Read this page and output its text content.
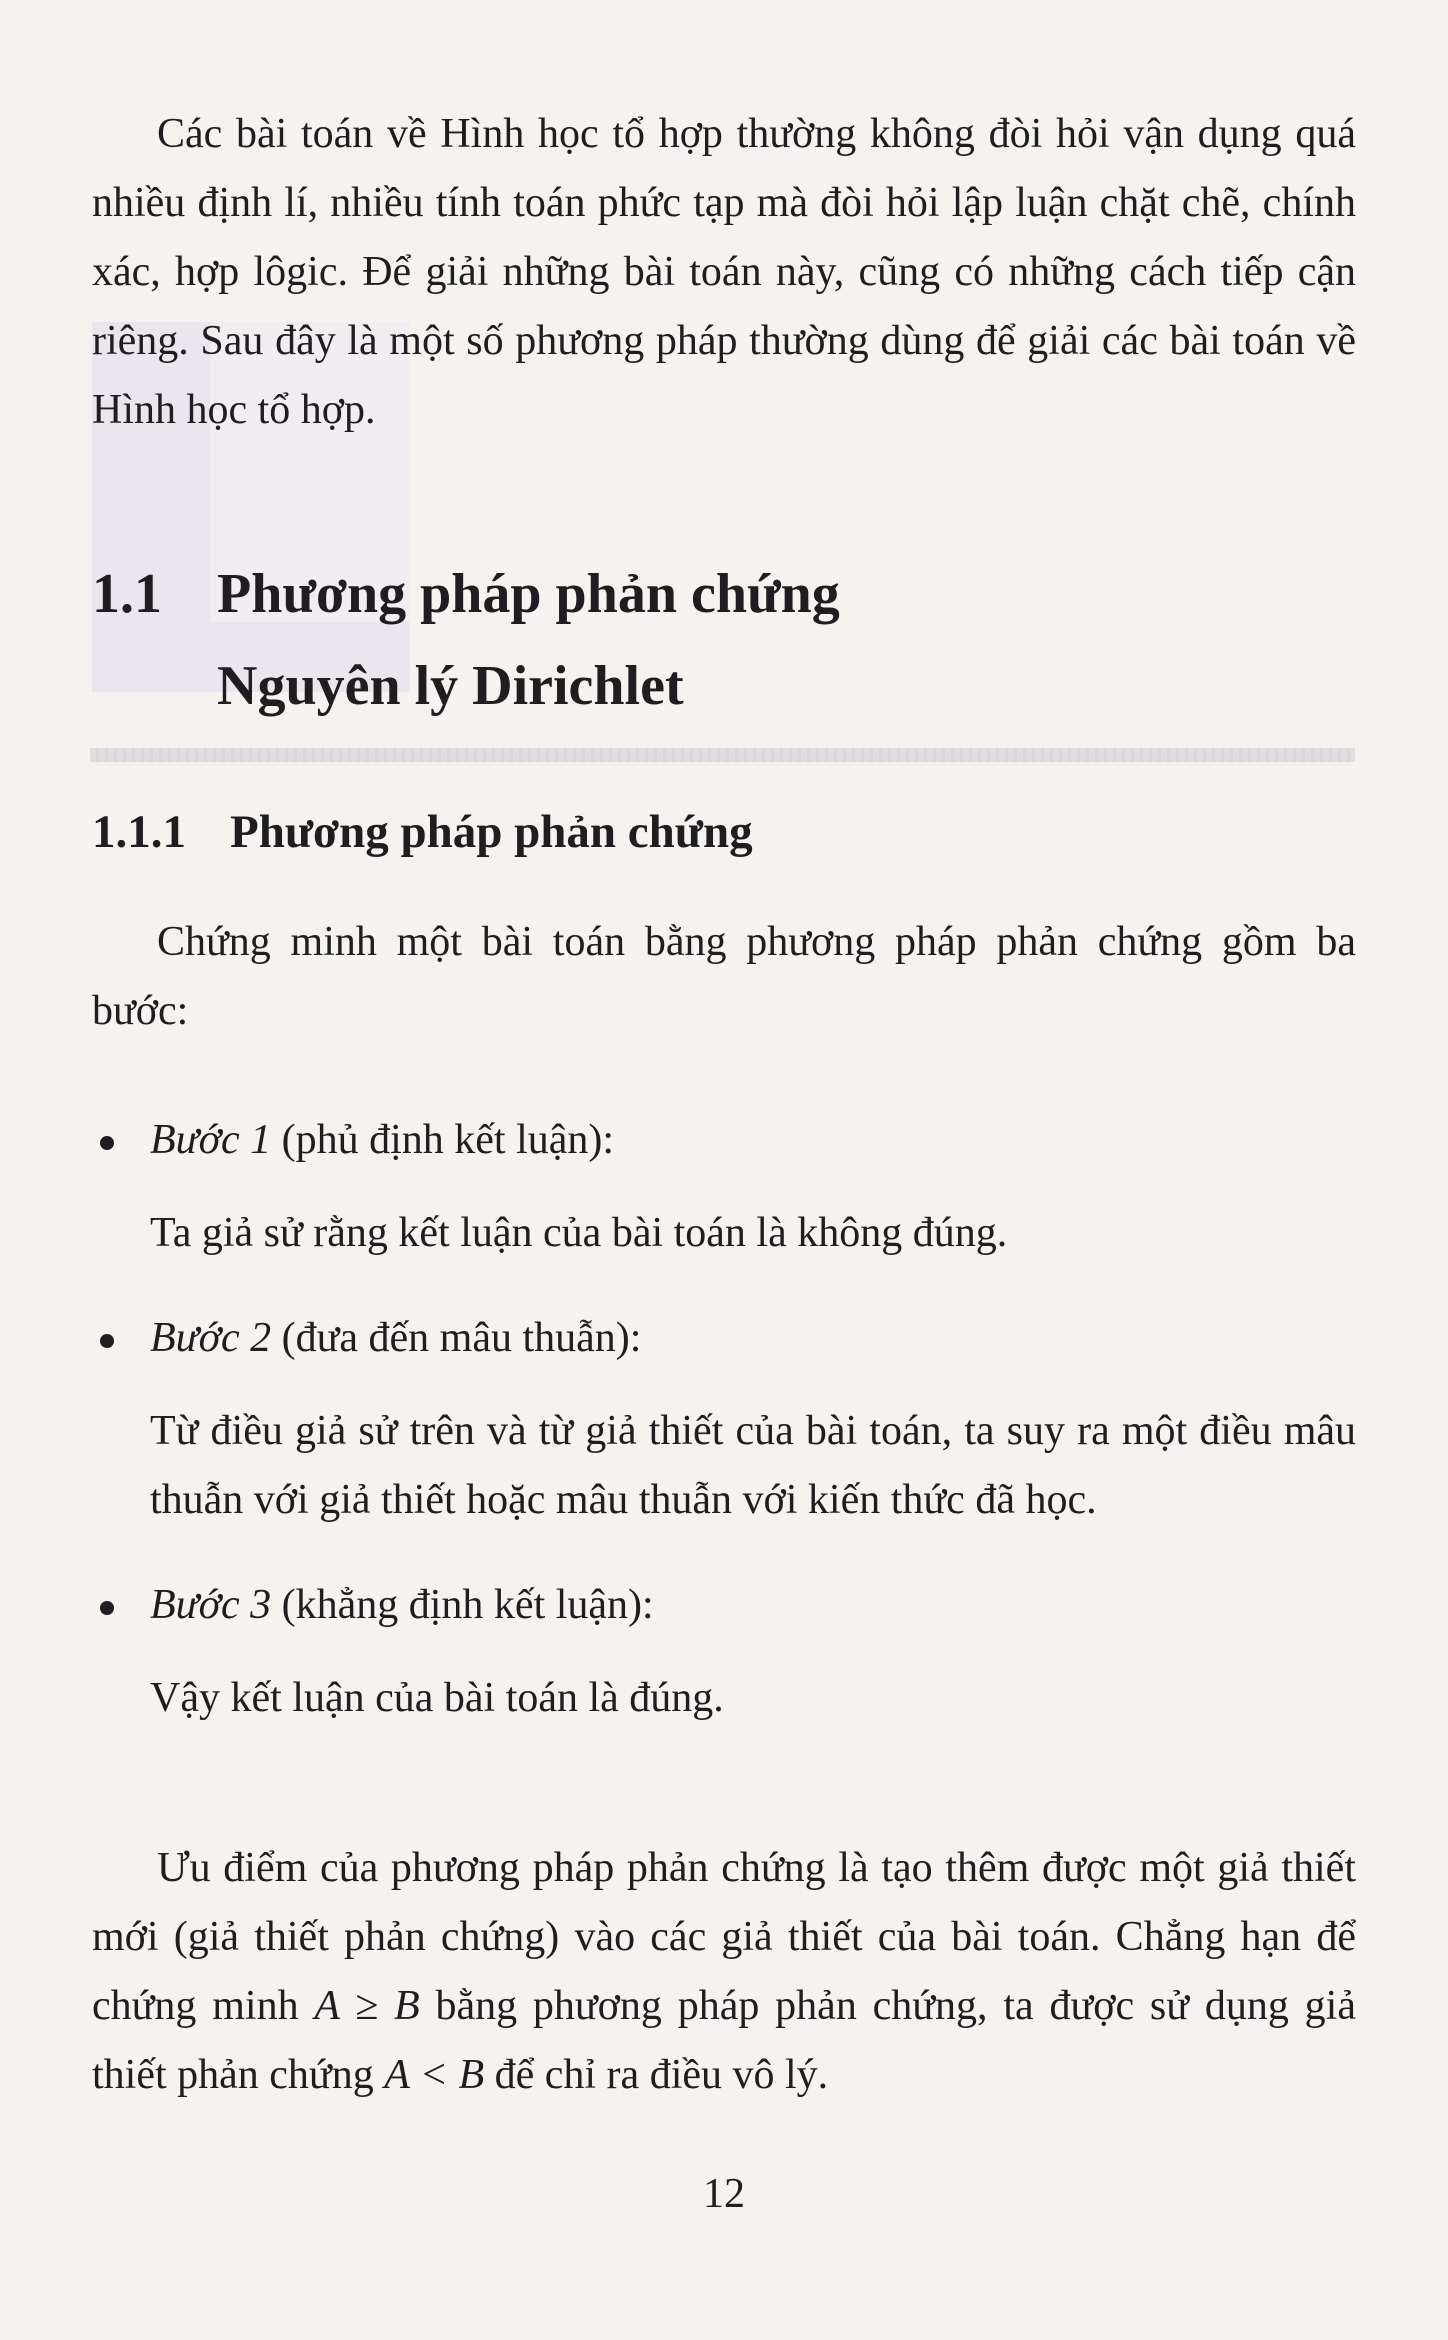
Các bài toán về Hình học tổ hợp thường không đòi hỏi vận dụng quá nhiều định lí, nhiều tính toán phức tạp mà đòi hỏi lập luận chặt chẽ, chính xác, hợp lôgic. Để giải những bài toán này, cũng có những cách tiếp cận riêng. Sau đây là một số phương pháp thường dùng để giải các bài toán về Hình học tổ hợp.

1.1 Phương pháp phản chứng
Nguyên lý Dirichlet
1.1.1 Phương pháp phản chứng

Chứng minh một bài toán bằng phương pháp phản chứng gồm ba bước:

Bước 1 (phủ định kết luận):
Ta giả sử rằng kết luận của bài toán là không đúng.
Bước 2 (đưa đến mâu thuẫn):
Từ điều giả sử trên và từ giả thiết của bài toán, ta suy ra một điều mâu thuẫn với giả thiết hoặc mâu thuẫn với kiến thức đã học.
Bước 3 (khẳng định kết luận):
Vậy kết luận của bài toán là đúng.

Ưu điểm của phương pháp phản chứng là tạo thêm được một giả thiết mới (giả thiết phản chứng) vào các giả thiết của bài toán. Chẳng hạn để chứng minh A ≥ B bằng phương pháp phản chứng, ta được sử dụng giả thiết phản chứng A < B để chỉ ra điều vô lý.

12
